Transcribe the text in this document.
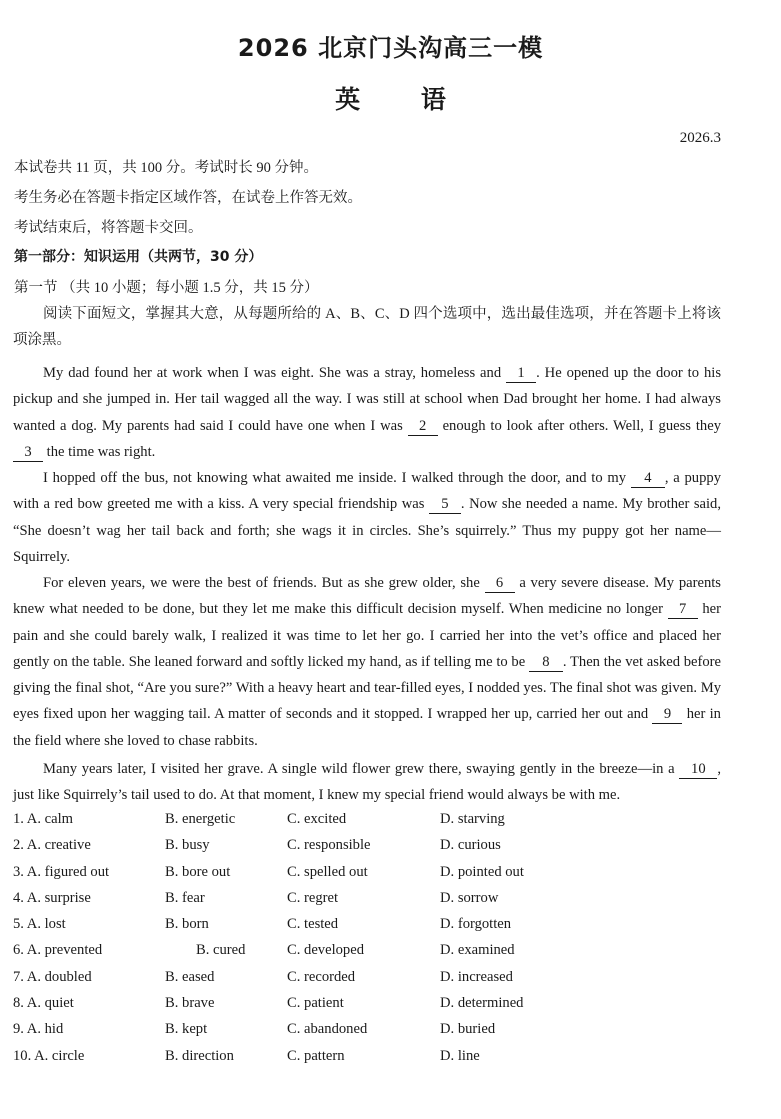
2026 北京门头沟高三一模
英 语
2026.3
本试卷共 11 页，共 100 分。考试时长 90 分钟。
考生务必在答题卡指定区域作答，在试卷上作答无效。
考试结束后，将答题卡交回。
第一部分：知识运用（共两节，30 分）
第一节 （共 10 小题；每小题 1.5 分，共 15 分）
阅读下面短文，掌握其大意，从每题所给的 A、B、C、D 四个选项中，选出最佳选项，并在答题卡上将该项涂黑。
My dad found her at work when I was eight. She was a stray, homeless and 1 . He opened up the door to his pickup and she jumped in. Her tail wagged all the way. I was still at school when Dad brought her home. I had always wanted a dog. My parents had said I could have one when I was 2 enough to look after others. Well, I guess they 3 the time was right.
I hopped off the bus, not knowing what awaited me inside. I walked through the door, and to my 4 , a puppy with a red bow greeted me with a kiss. A very special friendship was 5 . Now she needed a name. My brother said, “She doesn’t wag her tail back and forth; she wags it in circles. She’s squirrely.” Thus my puppy got her name—Squirrely.
For eleven years, we were the best of friends. But as she grew older, she 6 a very severe disease. My parents knew what needed to be done, but they let me make this difficult decision myself. When medicine no longer 7 her pain and she could barely walk, I realized it was time to let her go. I carried her into the vet’s office and placed her gently on the table. She leaned forward and softly licked my hand, as if telling me to be 8 . Then the vet asked before giving the final shot, “Are you sure?” With a heavy heart and tear-filled eyes, I nodded yes. The final shot was given. My eyes fixed upon her wagging tail. A matter of seconds and it stopped. I wrapped her up, carried her out and 9 her in the field where she loved to chase rabbits.
Many years later, I visited her grave. A single wild flower grew there, swaying gently in the breeze—in a 10 , just like Squirrely’s tail used to do. At that moment, I knew my special friend would always be with me.
1. A. calm	B. energetic	C. excited	D. starving
2. A. creative	B. busy	C. responsible	D. curious
3. A. figured out	B. bore out	C. spelled out	D. pointed out
4. A. surprise	B. fear	C. regret	D. sorrow
5. A. lost	B. born	C. tested	D. forgotten
6. A. prevented	B. cured	C. developed	D. examined
7. A. doubled	B. eased	C. recorded	D. increased
8. A. quiet	B. brave	C. patient	D. determined
9. A. hid	B. kept	C. abandoned	D. buried
10. A. circle	B. direction	C. pattern	D. line
